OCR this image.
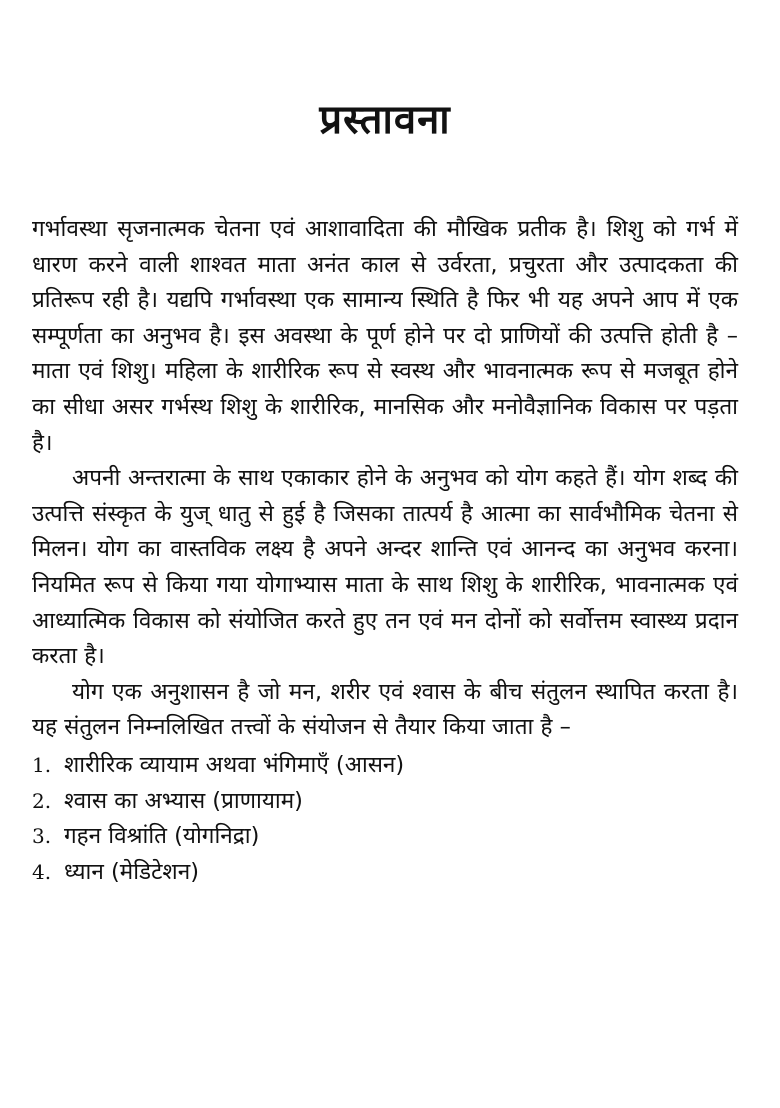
प्रस्तावना

गर्भावस्था सृजनात्मक चेतना एवं आशावादिता की मौखिक प्रतीक है। शिशु को गर्भ में धारण करने वाली शाश्वत माता अनंत काल से उर्वरता, प्रचुरता और उत्पादकता की प्रतिरूप रही है। यद्यपि गर्भावस्था एक सामान्य स्थिति है फिर भी यह अपने आप में एक सम्पूर्णता का अनुभव है। इस अवस्था के पूर्ण होने पर दो प्राणियों की उत्पत्ति होती है – माता एवं शिशु। महिला के शारीरिक रूप से स्वस्थ और भावनात्मक रूप से मजबूत होने का सीधा असर गर्भस्थ शिशु के शारीरिक, मानसिक और मनोवैज्ञानिक विकास पर पड़ता है।

अपनी अन्तरात्मा के साथ एकाकार होने के अनुभव को योग कहते हैं। योग शब्द की उत्पत्ति संस्कृत के युज् धातु से हुई है जिसका तात्पर्य है आत्मा का सार्वभौमिक चेतना से मिलन। योग का वास्तविक लक्ष्य है अपने अन्दर शान्ति एवं आनन्द का अनुभव करना। नियमित रूप से किया गया योगाभ्यास माता के साथ शिशु के शारीरिक, भावनात्मक एवं आध्यात्मिक विकास को संयोजित करते हुए तन एवं मन दोनों को सर्वोत्तम स्वास्थ्य प्रदान करता है।

योग एक अनुशासन है जो मन, शरीर एवं श्वास के बीच संतुलन स्थापित करता है। यह संतुलन निम्नलिखित तत्त्वों के संयोजन से तैयार किया जाता है –

1. शारीरिक व्यायाम अथवा भंगिमाएँ (आसन)
2. श्वास का अभ्यास (प्राणायाम)
3. गहन विश्रांति (योगनिद्रा)
4. ध्यान (मेडिटेशन)
